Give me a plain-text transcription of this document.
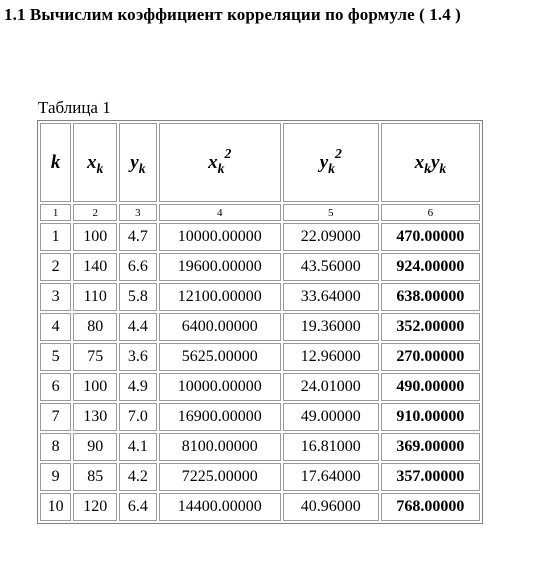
1.1 Вычислим коэффициент корреляции по формуле ( 1.4 )
Таблица 1
k	$x_k$	$y_k$	$x_k^2$	$y_k^2$	$x_ky_k$
1	2	3	4	5	6
1	100	4.7	10000.00000	22.09000	470.00000
2	140	6.6	19600.00000	43.56000	924.00000
3	110	5.8	12100.00000	33.64000	638.00000
4	80	4.4	6400.00000	19.36000	352.00000
5	75	3.6	5625.00000	12.96000	270.00000
6	100	4.9	10000.00000	24.01000	490.00000
7	130	7.0	16900.00000	49.00000	910.00000
8	90	4.1	8100.00000	16.81000	369.00000
9	85	4.2	7225.00000	17.64000	357.00000
10	120	6.4	14400.00000	40.96000	768.00000
